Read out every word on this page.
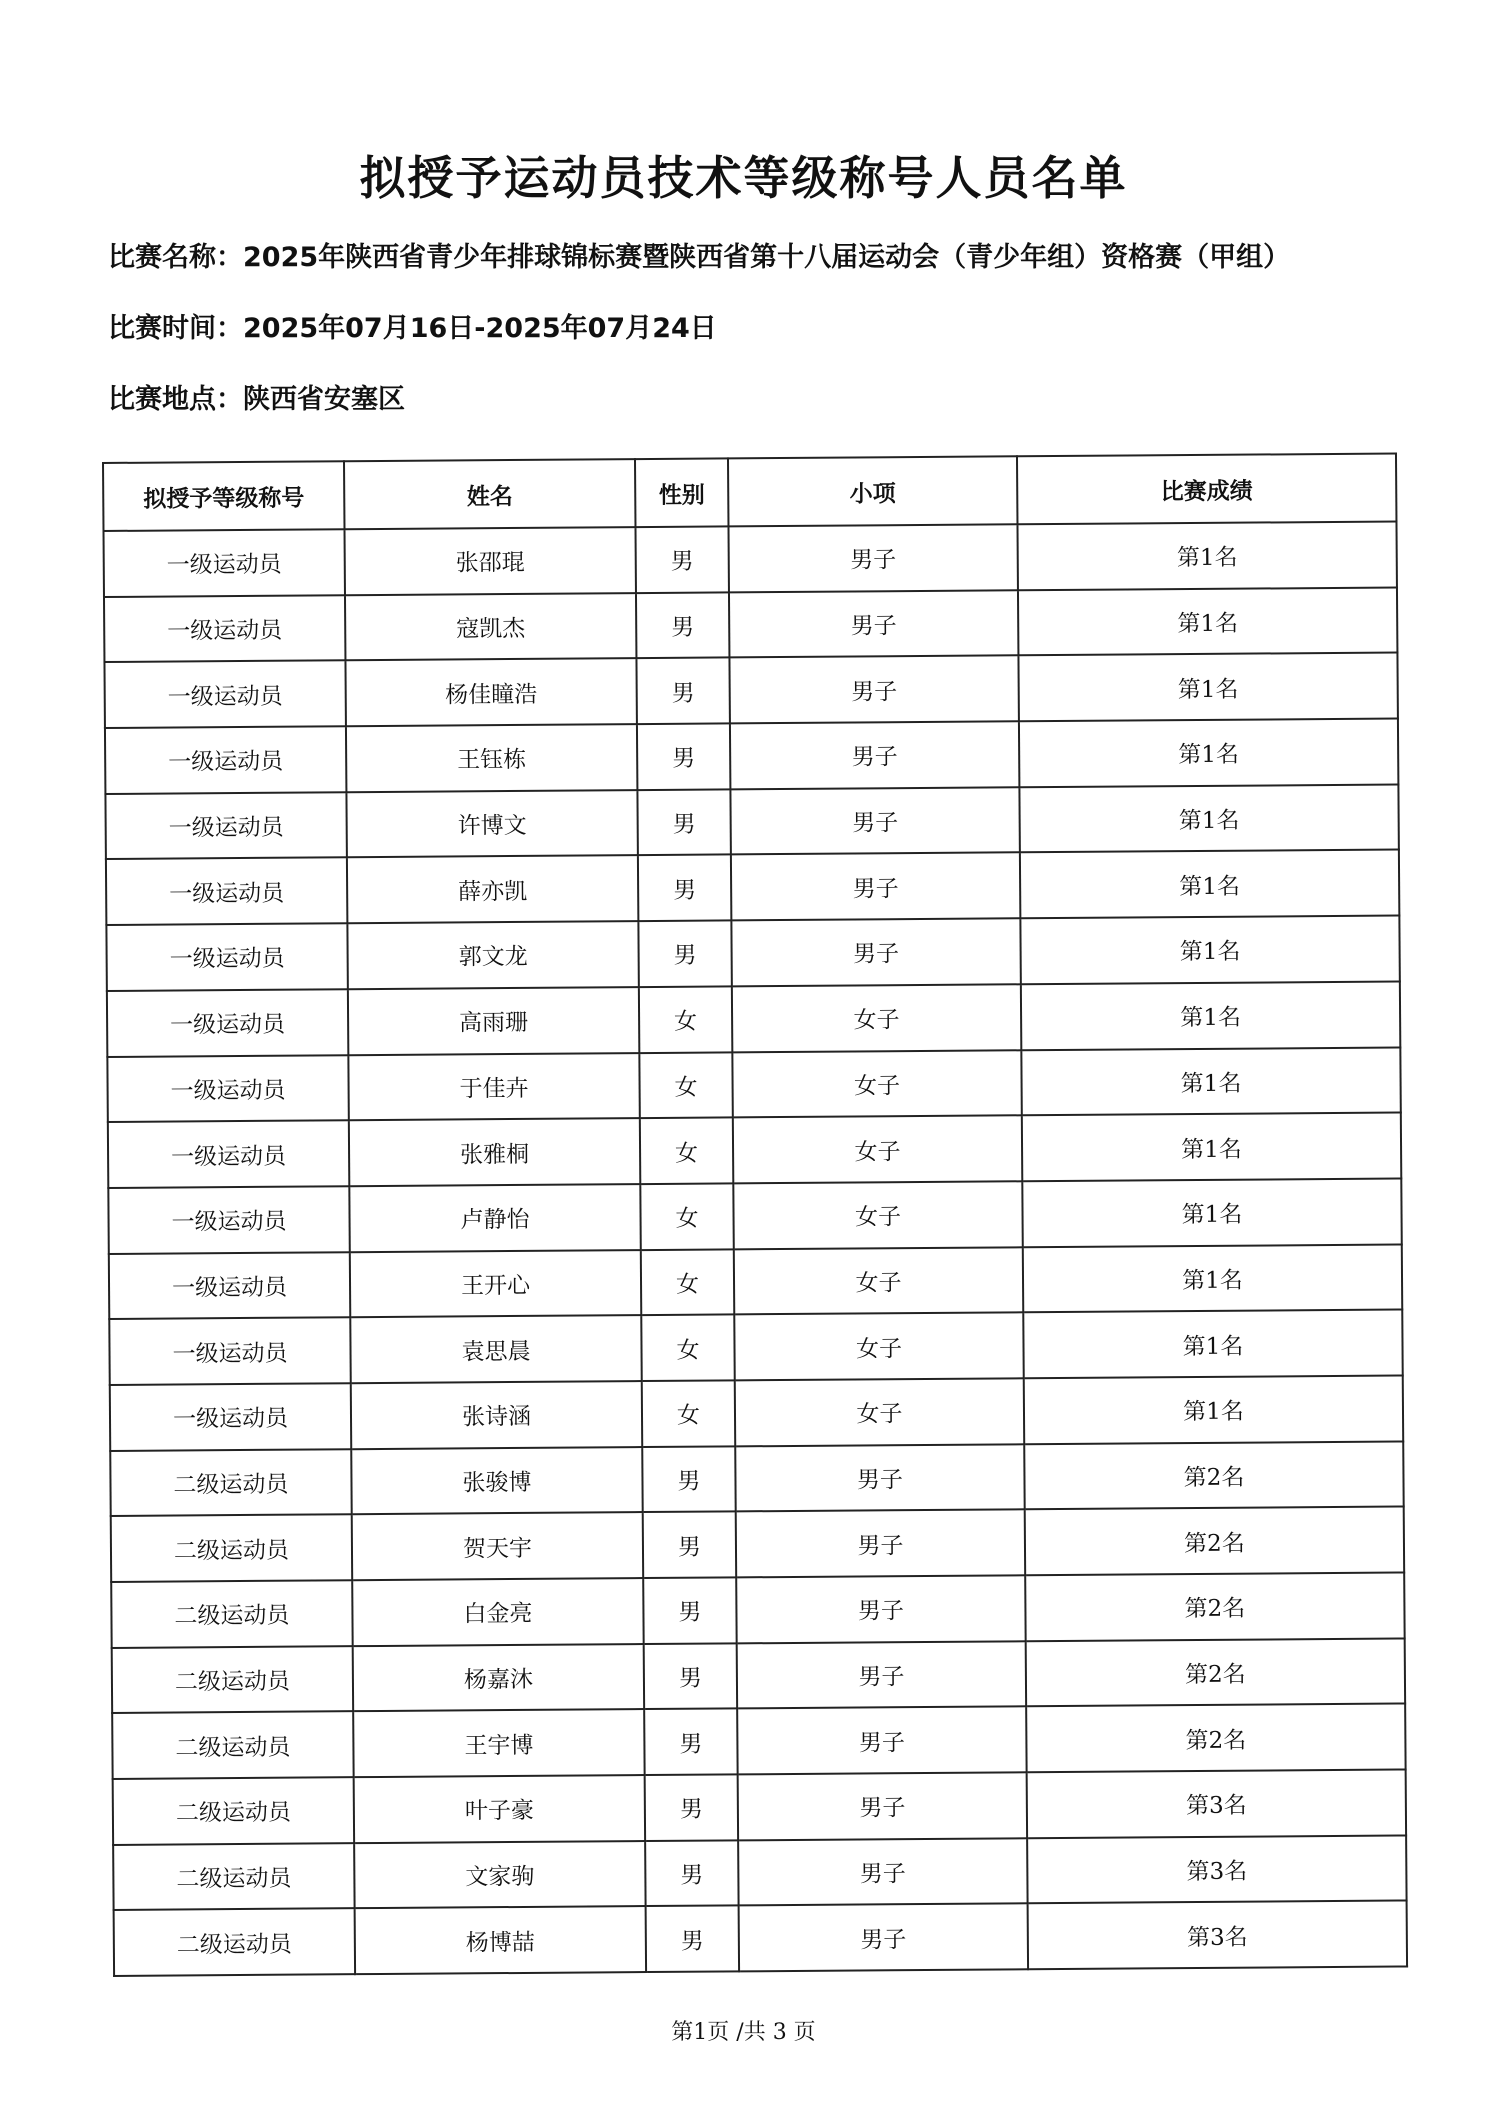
拟授予运动员技术等级称号人员名单
比赛名称：2025年陕西省青少年排球锦标赛暨陕西省第十八届运动会（青少年组）资格赛（甲组）
比赛时间：2025年07月16日-2025年07月24日
比赛地点：陕西省安塞区
拟授予等级称号	姓名	性别	小项	比赛成绩
一级运动员	张邵琨	男	男子	第1名
一级运动员	寇凯杰	男	男子	第1名
一级运动员	杨佳瞳浩	男	男子	第1名
一级运动员	王钰栋	男	男子	第1名
一级运动员	许博文	男	男子	第1名
一级运动员	薛亦凯	男	男子	第1名
一级运动员	郭文龙	男	男子	第1名
一级运动员	高雨珊	女	女子	第1名
一级运动员	于佳卉	女	女子	第1名
一级运动员	张雅桐	女	女子	第1名
一级运动员	卢静怡	女	女子	第1名
一级运动员	王开心	女	女子	第1名
一级运动员	袁思晨	女	女子	第1名
一级运动员	张诗涵	女	女子	第1名
二级运动员	张骏博	男	男子	第2名
二级运动员	贺天宇	男	男子	第2名
二级运动员	白金亮	男	男子	第2名
二级运动员	杨嘉沐	男	男子	第2名
二级运动员	王宇博	男	男子	第2名
二级运动员	叶子豪	男	男子	第3名
二级运动员	文家驹	男	男子	第3名
二级运动员	杨博喆	男	男子	第3名
第1页 /共 3 页
